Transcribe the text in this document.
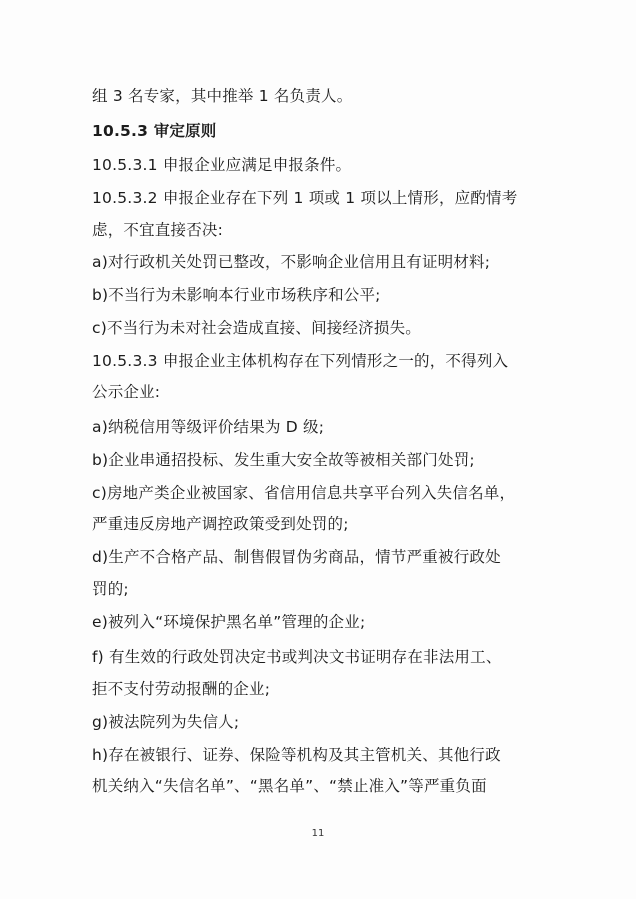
组 3 名专家，其中推举 1 名负责人。
10.5.3 审定原则
10.5.3.1 申报企业应满足申报条件。
10.5.3.2 申报企业存在下列 1 项或 1 项以上情形，应酌情考
虑，不宜直接否决:
a)对行政机关处罚已整改，不影响企业信用且有证明材料;
b)不当行为未影响本行业市场秩序和公平;
c)不当行为未对社会造成直接、间接经济损失。
10.5.3.3 申报企业主体机构存在下列情形之一的，不得列入
公示企业:
a)纳税信用等级评价结果为 D 级;
b)企业串通招投标、发生重大安全故等被相关部门处罚;
c)房地产类企业被国家、省信用信息共享平台列入失信名单，
严重违反房地产调控政策受到处罚的;
d)生产不合格产品、制售假冒伪劣商品，情节严重被行政处
罚的;
e)被列入“环境保护黑名单”管理的企业;
f) 有生效的行政处罚决定书或判决文书证明存在非法用工、
拒不支付劳动报酬的企业;
g)被法院列为失信人;
h)存在被银行、证券、保险等机构及其主管机关、其他行政
机关纳入“失信名单”、“黑名单”、“禁止准入”等严重负面
11
